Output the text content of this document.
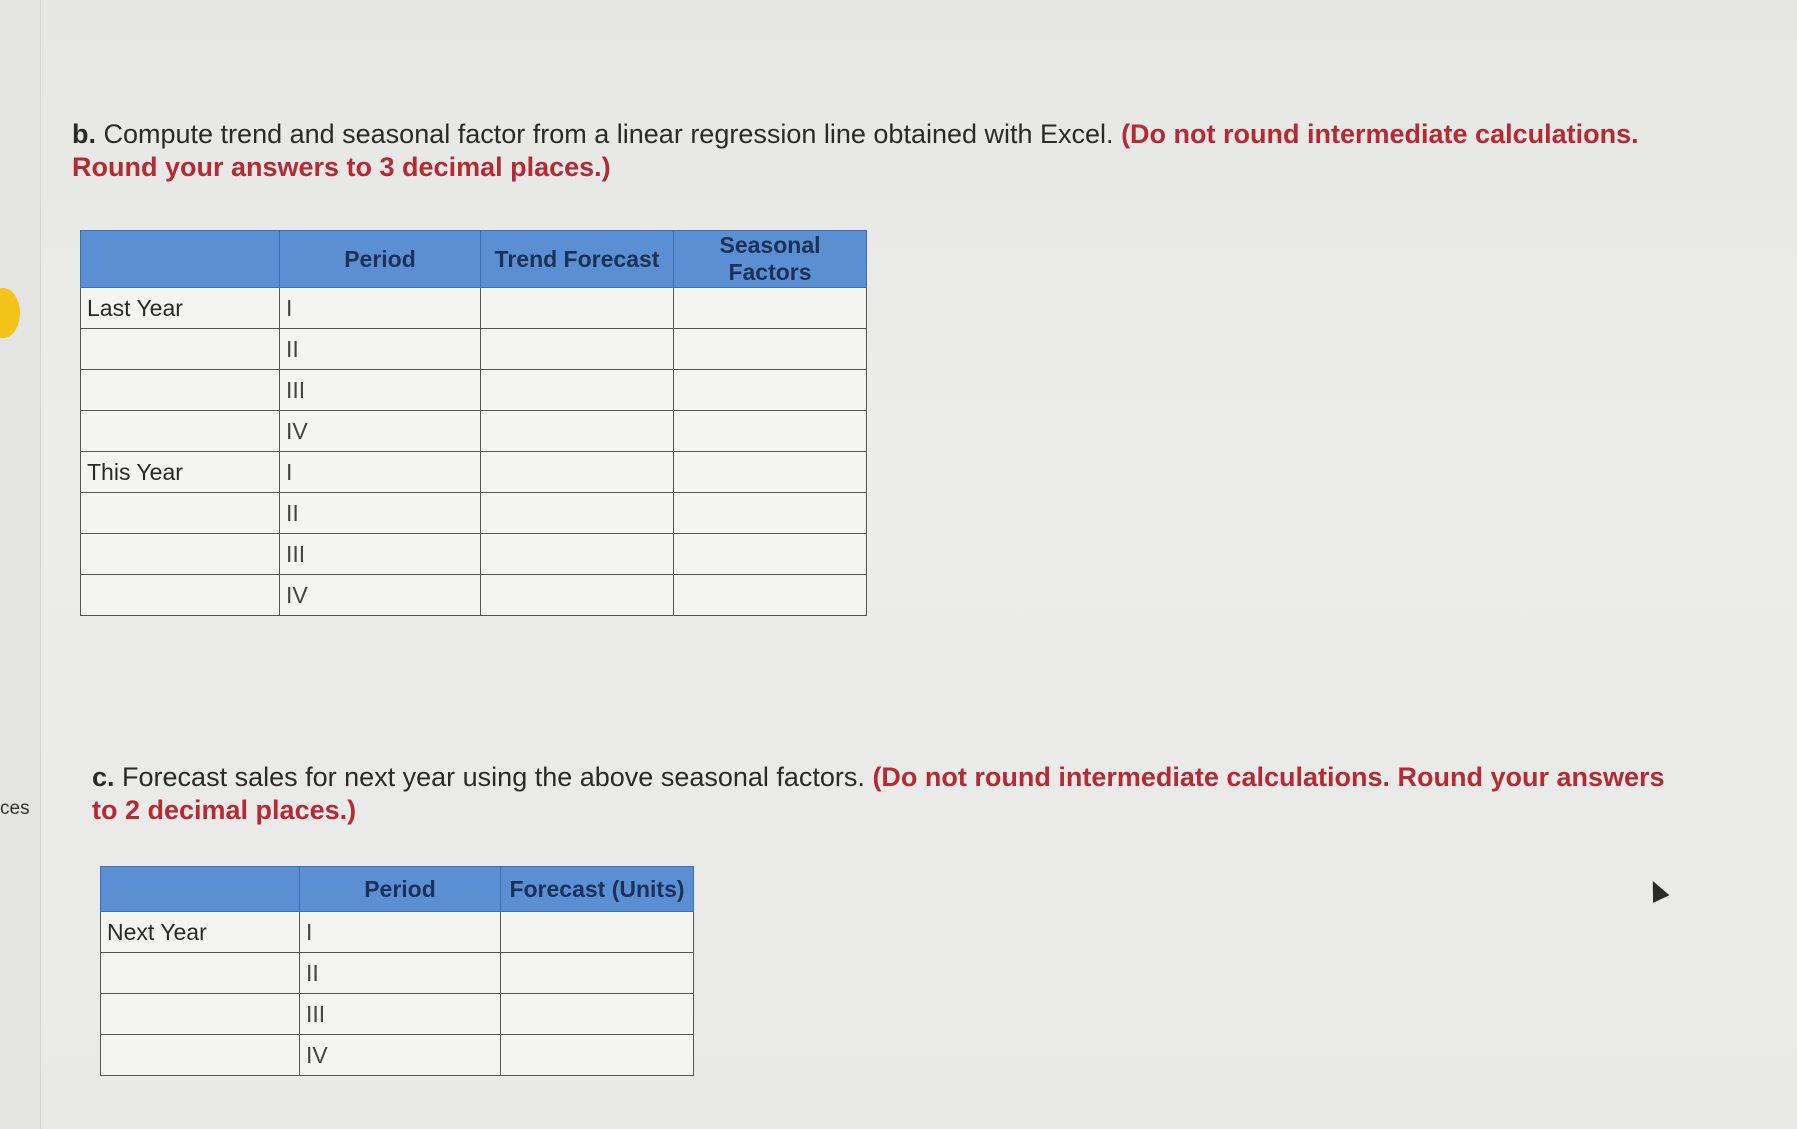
ces
b. Compute trend and seasonal factor from a linear regression line obtained with Excel. (Do not round intermediate calculations. Round your answers to 3 decimal places.)
	Period	Trend Forecast	Seasonal Factors
Last Year	I		
	II		
	III		
	IV		
This Year	I		
	II		
	III		
	IV		
c. Forecast sales for next year using the above seasonal factors. (Do not round intermediate calculations. Round your answers to 2 decimal places.)
	Period	Forecast (Units)
Next Year	I	
	II	
	III	
	IV	
